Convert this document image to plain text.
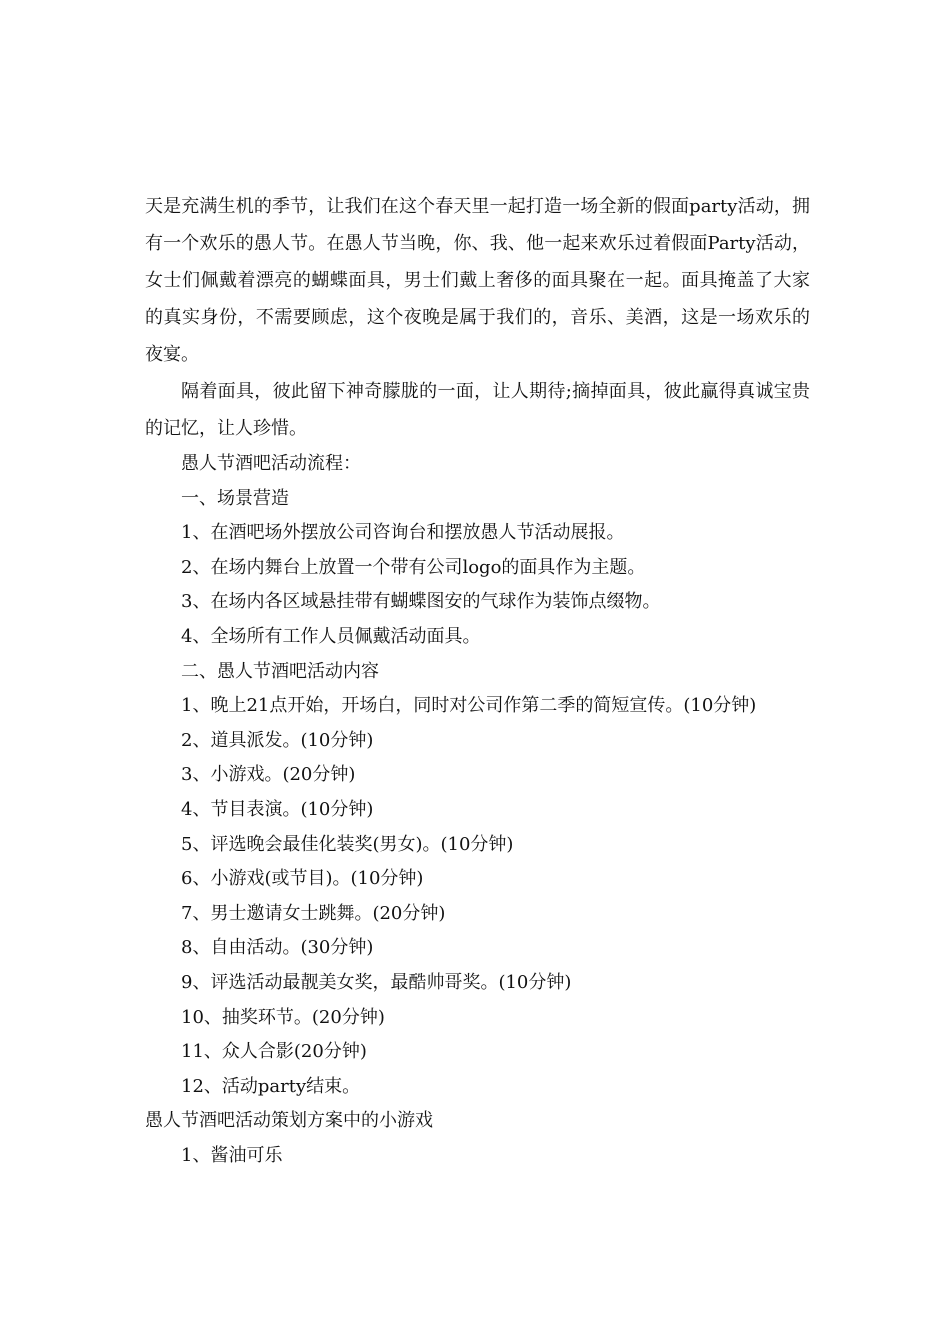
天是充满生机的季节，让我们在这个春天里一起打造一场全新的假面party活动，拥有一个欢乐的愚人节。在愚人节当晚，你、我、他一起来欢乐过着假面Party活动，女士们佩戴着漂亮的蝴蝶面具，男士们戴上奢侈的面具聚在一起。面具掩盖了大家的真实身份，不需要顾虑，这个夜晚是属于我们的，音乐、美酒，这是一场欢乐的夜宴。

隔着面具，彼此留下神奇朦胧的一面，让人期待;摘掉面具，彼此赢得真诚宝贵的记忆，让人珍惜。

愚人节酒吧活动流程：

一、场景营造

1、在酒吧场外摆放公司咨询台和摆放愚人节活动展报。

2、在场内舞台上放置一个带有公司logo的面具作为主题。

3、在场内各区域悬挂带有蝴蝶图安的气球作为装饰点缀物。

4、全场所有工作人员佩戴活动面具。

二、愚人节酒吧活动内容

1、晚上21点开始，开场白，同时对公司作第二季的简短宣传。(10分钟)

2、道具派发。(10分钟)

3、小游戏。(20分钟)

4、节目表演。(10分钟)

5、评选晚会最佳化装奖(男女)。(10分钟)

6、小游戏(或节目)。(10分钟)

7、男士邀请女士跳舞。(20分钟)

8、自由活动。(30分钟)

9、评选活动最靓美女奖，最酷帅哥奖。(10分钟)

10、抽奖环节。(20分钟)

11、众人合影(20分钟)

12、活动party结束。

愚人节酒吧活动策划方案中的小游戏

1、酱油可乐
